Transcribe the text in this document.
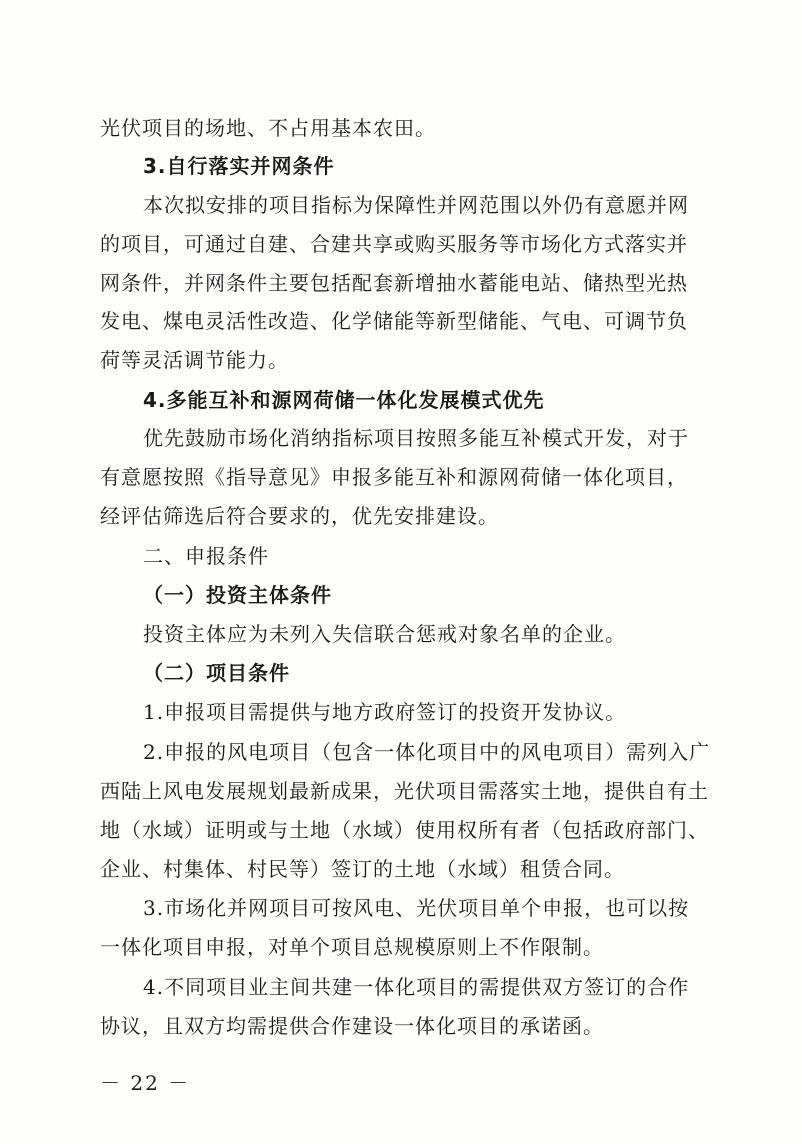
光伏项目的场地、不占用基本农田。
3.自行落实并网条件
本次拟安排的项目指标为保障性并网范围以外仍有意愿并网
的项目，可通过自建、合建共享或购买服务等市场化方式落实并
网条件，并网条件主要包括配套新增抽水蓄能电站、储热型光热
发电、煤电灵活性改造、化学储能等新型储能、气电、可调节负
荷等灵活调节能力。
4.多能互补和源网荷储一体化发展模式优先
优先鼓励市场化消纳指标项目按照多能互补模式开发，对于
有意愿按照《指导意见》申报多能互补和源网荷储一体化项目，
经评估筛选后符合要求的，优先安排建设。
二、申报条件
（一）投资主体条件
投资主体应为未列入失信联合惩戒对象名单的企业。
（二）项目条件
1.申报项目需提供与地方政府签订的投资开发协议。
2.申报的风电项目（包含一体化项目中的风电项目）需列入广
西陆上风电发展规划最新成果，光伏项目需落实土地，提供自有土
地（水域）证明或与土地（水域）使用权所有者（包括政府部门、
企业、村集体、村民等）签订的土地（水域）租赁合同。
3.市场化并网项目可按风电、光伏项目单个申报，也可以按
一体化项目申报，对单个项目总规模原则上不作限制。
4.不同项目业主间共建一体化项目的需提供双方签订的合作
协议，且双方均需提供合作建设一体化项目的承诺函。
－ 22 －
